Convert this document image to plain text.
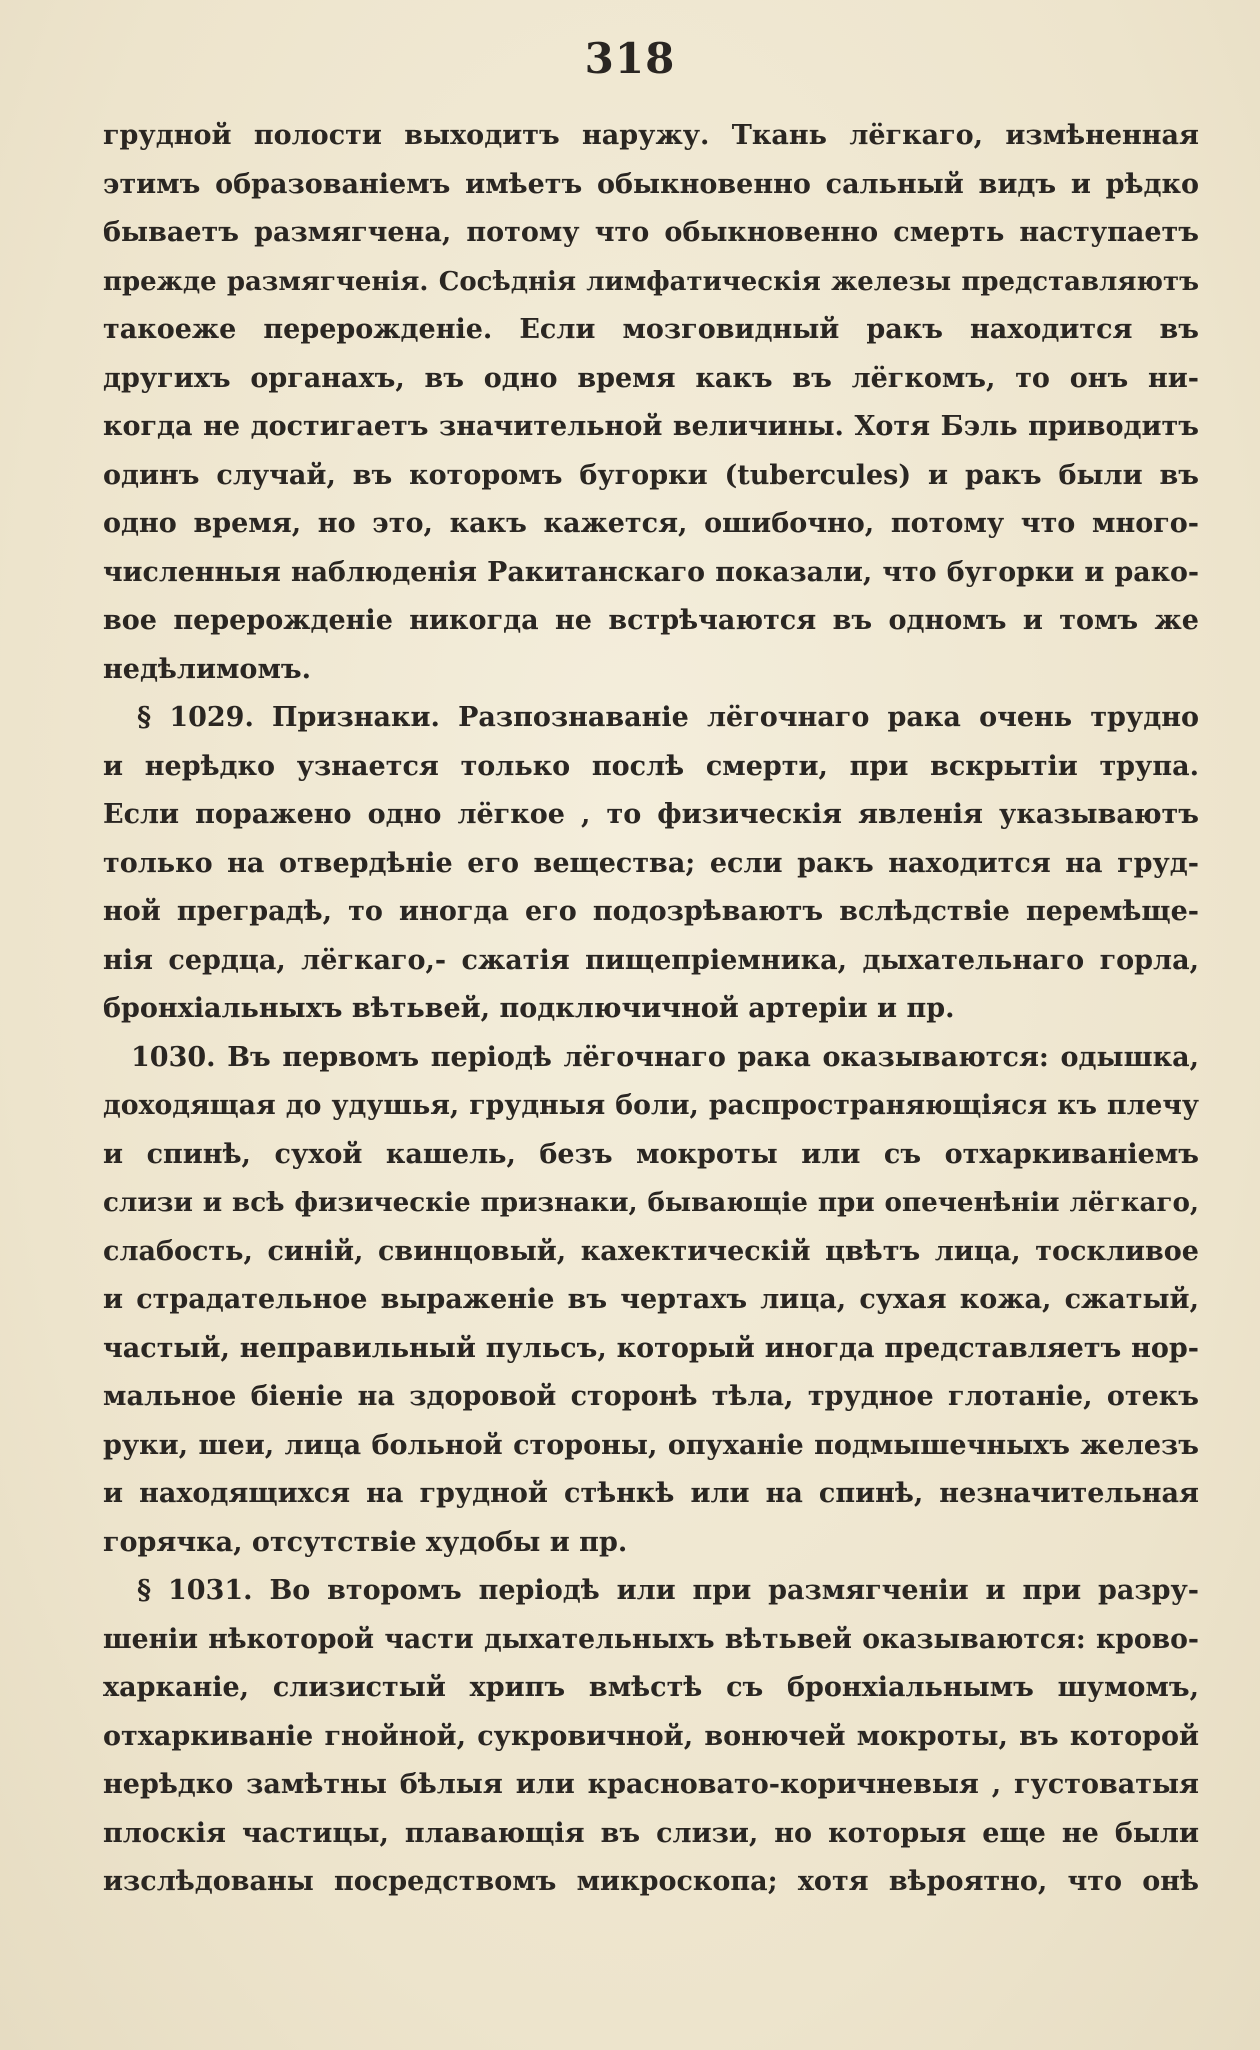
318
грудной полости выходитъ наружу. Ткань лёгкаго, измѣненная
этимъ образованіемъ имѣетъ обыкновенно сальный видъ и рѣдко
бываетъ размягчена, потому что обыкновенно смерть наступаетъ
прежде размягченія. Сосѣднія лимфатическія железы представляютъ
такоеже перерожденіе. Если мозговидный ракъ находится въ
другихъ органахъ, въ одно время какъ въ лёгкомъ, то онъ ни-
когда не достигаетъ значительной величины. Хотя Бэль приводитъ
одинъ случай, въ которомъ бугорки (tubercules) и ракъ были въ
одно время, но это, какъ кажется, ошибочно, потому что много-
численныя наблюденія Ракитанскаго показали, что бугорки и рако-
вое перерожденіе никогда не встрѣчаются въ одномъ и томъ же
недѣлимомъ.
§ 1029. Признаки. Разпознаваніе лёгочнаго рака очень трудно
и нерѣдко узнается только послѣ смерти, при вскрытіи трупа.
Если поражено одно лёгкое , то физическія явленія указываютъ
только на отвердѣніе его вещества; если ракъ находится на груд-
ной преградѣ, то иногда его подозрѣваютъ вслѣдствіе перемѣще-
нія сердца, лёгкаго,- сжатія пищепріемника, дыхательнаго горла,
бронхіальныхъ вѣтьвей, подключичной артеріи и пр.
1030. Въ первомъ періодѣ лёгочнаго рака оказываются: одышка,
доходящая до удушья, грудныя боли, распространяющіяся къ плечу
и спинѣ, сухой кашель, безъ мокроты или съ отхаркиваніемъ
слизи и всѣ физическіе признаки, бывающіе при опеченѣніи лёгкаго,
слабость, синій, свинцовый, кахектическій цвѣтъ лица, тоскливое
и страдательное выраженіе въ чертахъ лица, сухая кожа, сжатый,
частый, неправильный пульсъ, который иногда представляетъ нор-
мальное біеніе на здоровой сторонѣ тѣла, трудное глотаніе, отекъ
руки, шеи, лица больной стороны, опуханіе подмышечныхъ железъ
и находящихся на грудной стѣнкѣ или на спинѣ, незначительная
горячка, отсутствіе худобы и пр.
§ 1031. Во второмъ періодѣ или при размягченіи и при разру-
шеніи нѣкоторой части дыхательныхъ вѣтьвей оказываются: крово-
харканіе, слизистый хрипъ вмѣстѣ съ бронхіальнымъ шумомъ,
отхаркиваніе гнойной, сукровичной, вонючей мокроты, въ которой
нерѣдко замѣтны бѣлыя или красновато-коричневыя , густоватыя
плоскія частицы, плавающія въ слизи, но которыя еще не были
изслѣдованы посредствомъ микроскопа; хотя вѣроятно, что онѣ
